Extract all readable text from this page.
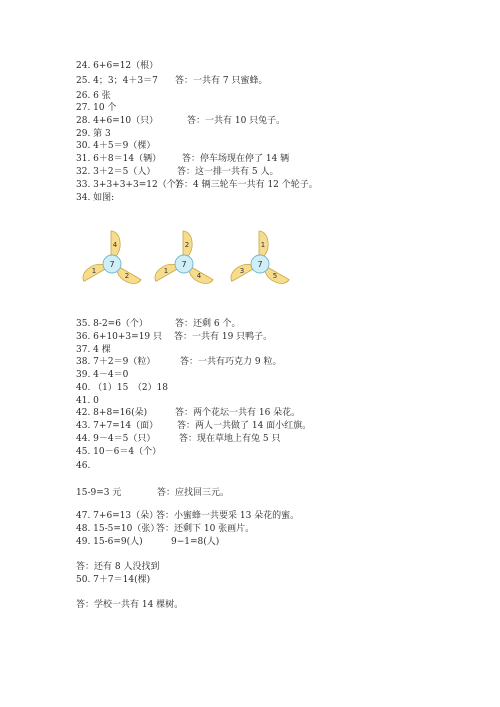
4
1
2
7
2
1
4
7
1
3
5
7
24. 6+6=12（根）
25. 4；3；4＋3＝7 答：一共有 7 只蜜蜂。
26. 6 张
27. 10 个
28. 4+6=10（只）	答：一共有 10 只兔子。
29. 第 3
30. 4＋5＝9（棵）
31. 6＋8＝14（辆） 答：停车场现在停了 14 辆
32. 3＋2＝5（人） 答：这一排一共有 5 人。
33. 3+3+3+3=12（个）
答：4 辆三轮车一共有 12 个轮子。
34. 如图:
35. 8-2=6（个）	答：还剩 6 个。
36. 6+10+3=19 只 答：一共有 19 只鸭子。
37. 4 棵
38. 7＋2＝9（粒）	答：一共有巧克力 9 粒。
39. 4－4＝0
40. （1）15　（2）18
41. 0
42. 8+8=16(朵)	答：两个花坛一共有 16 朵花。
43. 7+7=14（面） 答：两人一共做了 14 面小红旗。
44. 9－4＝5（只）	答：现在草地上有兔 5 只
45. 10－6＝4（个）
46.
15-9=3 元	答：应找回三元。
47. 7+6=13（朵）
答：小蜜蜂一共要采 13 朵花的蜜。
48. 15-5=10（张）
答：还剩下 10 张画片。
49. 15-6=9(人)	9−1=8(人)
答：还有 8 人没找到
50. 7＋7＝14(棵)
答：学校一共有 14 棵树。
